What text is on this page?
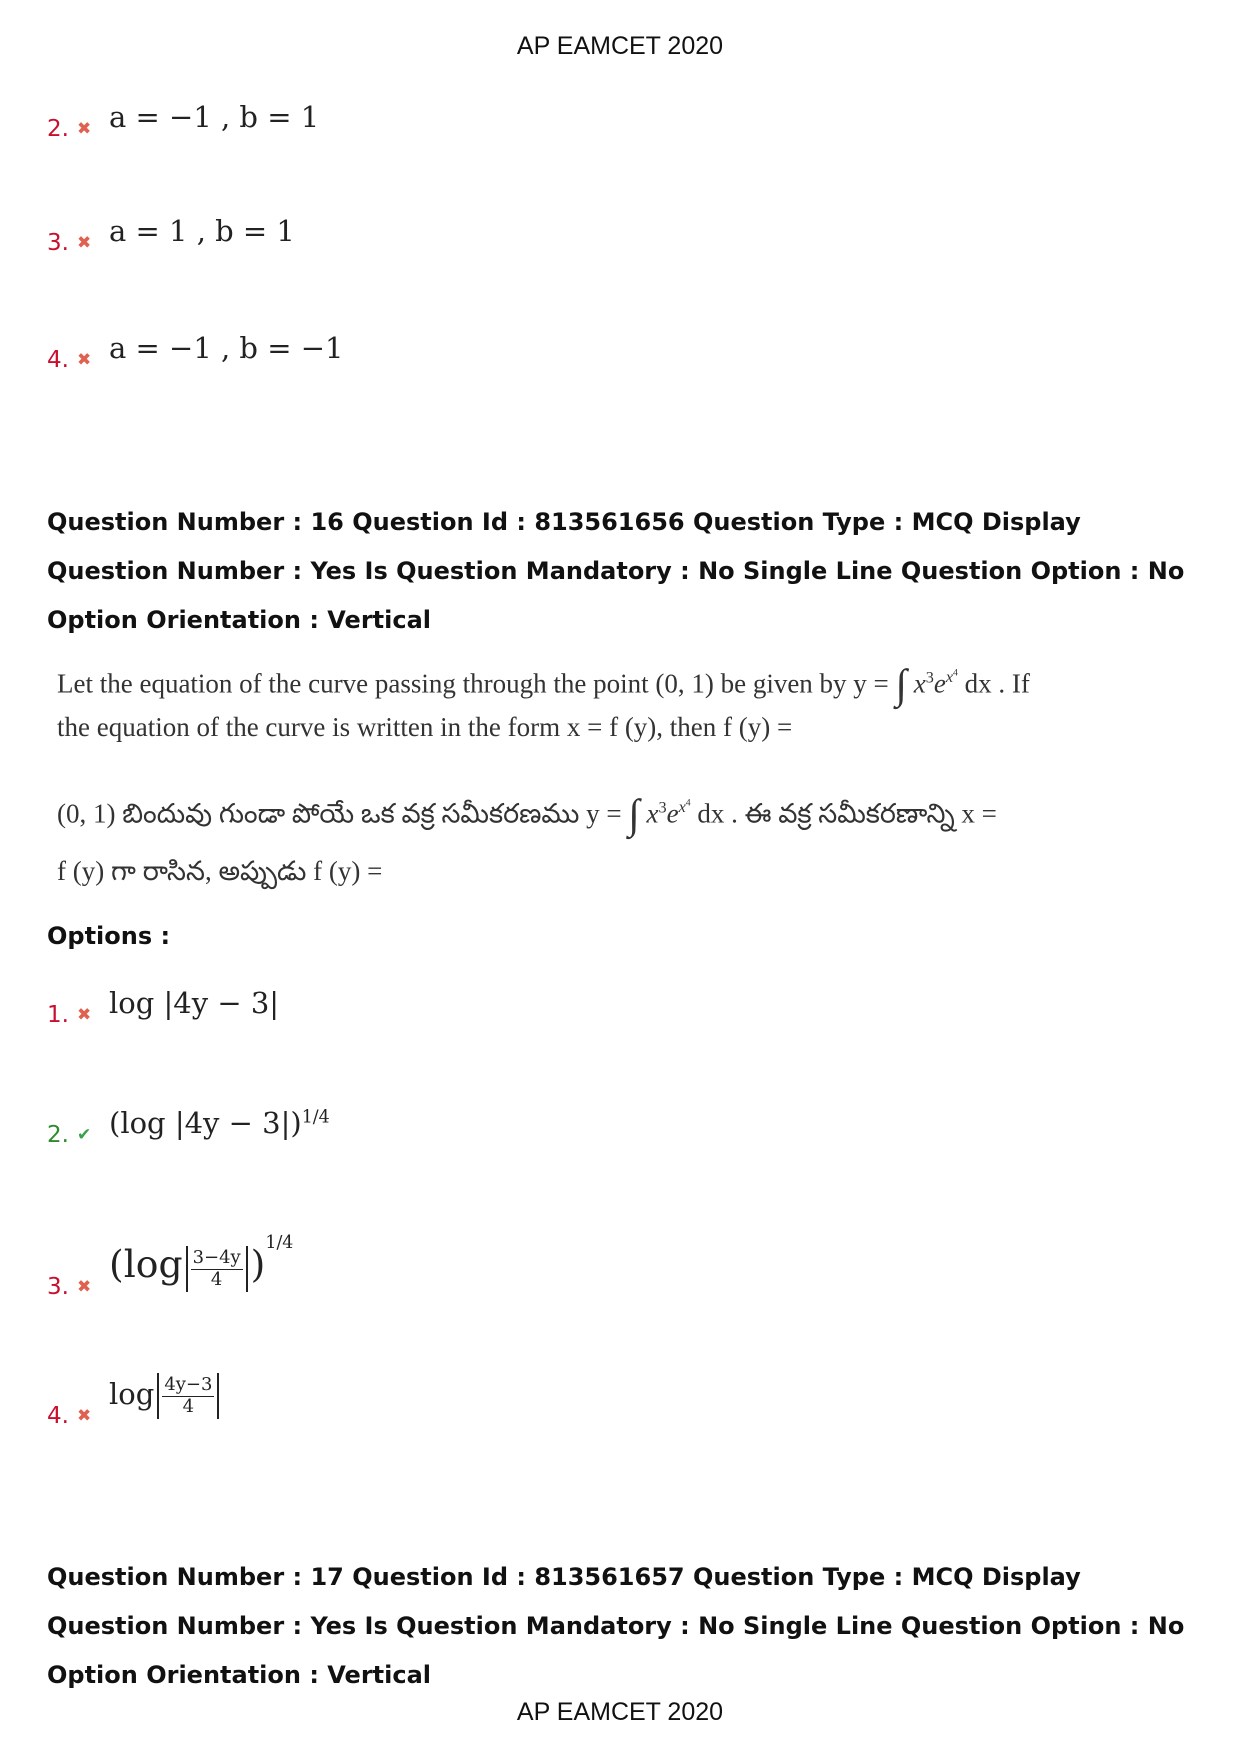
AP EAMCET 2020
2. ✖ a = −1 , b = 1
3. ✖ a = 1 , b = 1
4. ✖ a = −1 , b = −1
Question Number : 16 Question Id : 813561656 Question Type : MCQ Display Question Number : Yes Is Question Mandatory : No Single Line Question Option : No Option Orientation : Vertical
Let the equation of the curve passing through the point (0, 1) be given by y = ∫ $x^3e^{x^4}$ dx . If
the equation of the curve is written in the form x = f (y), then f (y) =
(0, 1) బిందువు గుండా పోయే ఒక వక్ర సమీకరణము y = ∫ $x^3e^{x^4}$ dx . ఈ వక్ర సమీకరణాన్ని x =
f (y) గా రాసిన, అప్పుడు f (y) =
Options :
1. ✖ log |4y − 3|
2. ✔ (log |4y − 3|)$^{1/4}$
3. ✖
$(\log \frac{3-4y}{4} )^{1/4}$
4. ✖
$\log \frac{4y-3}{4}$
Question Number : 17 Question Id : 813561657 Question Type : MCQ Display Question Number : Yes Is Question Mandatory : No Single Line Question Option : No Option Orientation : Vertical
AP EAMCET 2020
